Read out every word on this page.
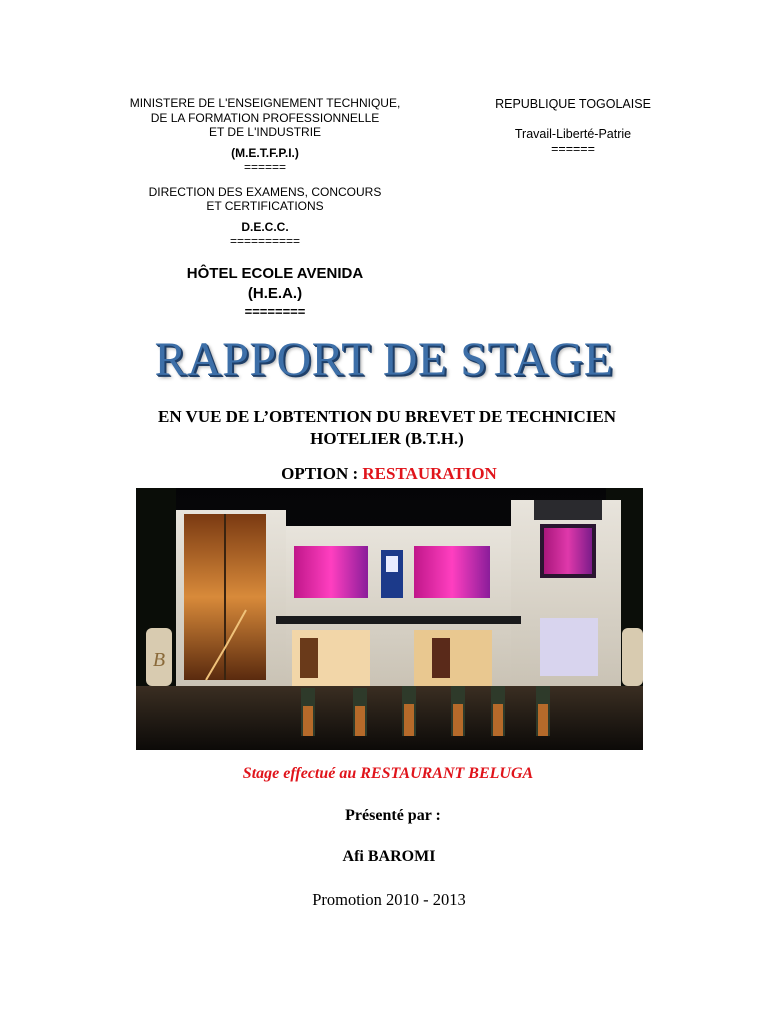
MINISTERE DE L'ENSEIGNEMENT TECHNIQUE,
DE LA FORMATION PROFESSIONNELLE
ET DE L'INDUSTRIE
(M.E.T.F.P.I.)
======
DIRECTION DES EXAMENS, CONCOURS
ET CERTIFICATIONS
D.E.C.C.
==========
REPUBLIQUE TOGOLAISE
Travail-Liberté-Patrie
======
HÔTEL ECOLE AVENIDA
(H.E.A.)
========
RAPPORT DE STAGE
EN VUE DE L’OBTENTION DU BREVET DE TECHNICIEN
HOTELIER (B.T.H.)
OPTION : RESTAURATION
B
Stage effectué au RESTAURANT BELUGA
Présenté par :
Afi BAROMI
Promotion 2010 - 2013
